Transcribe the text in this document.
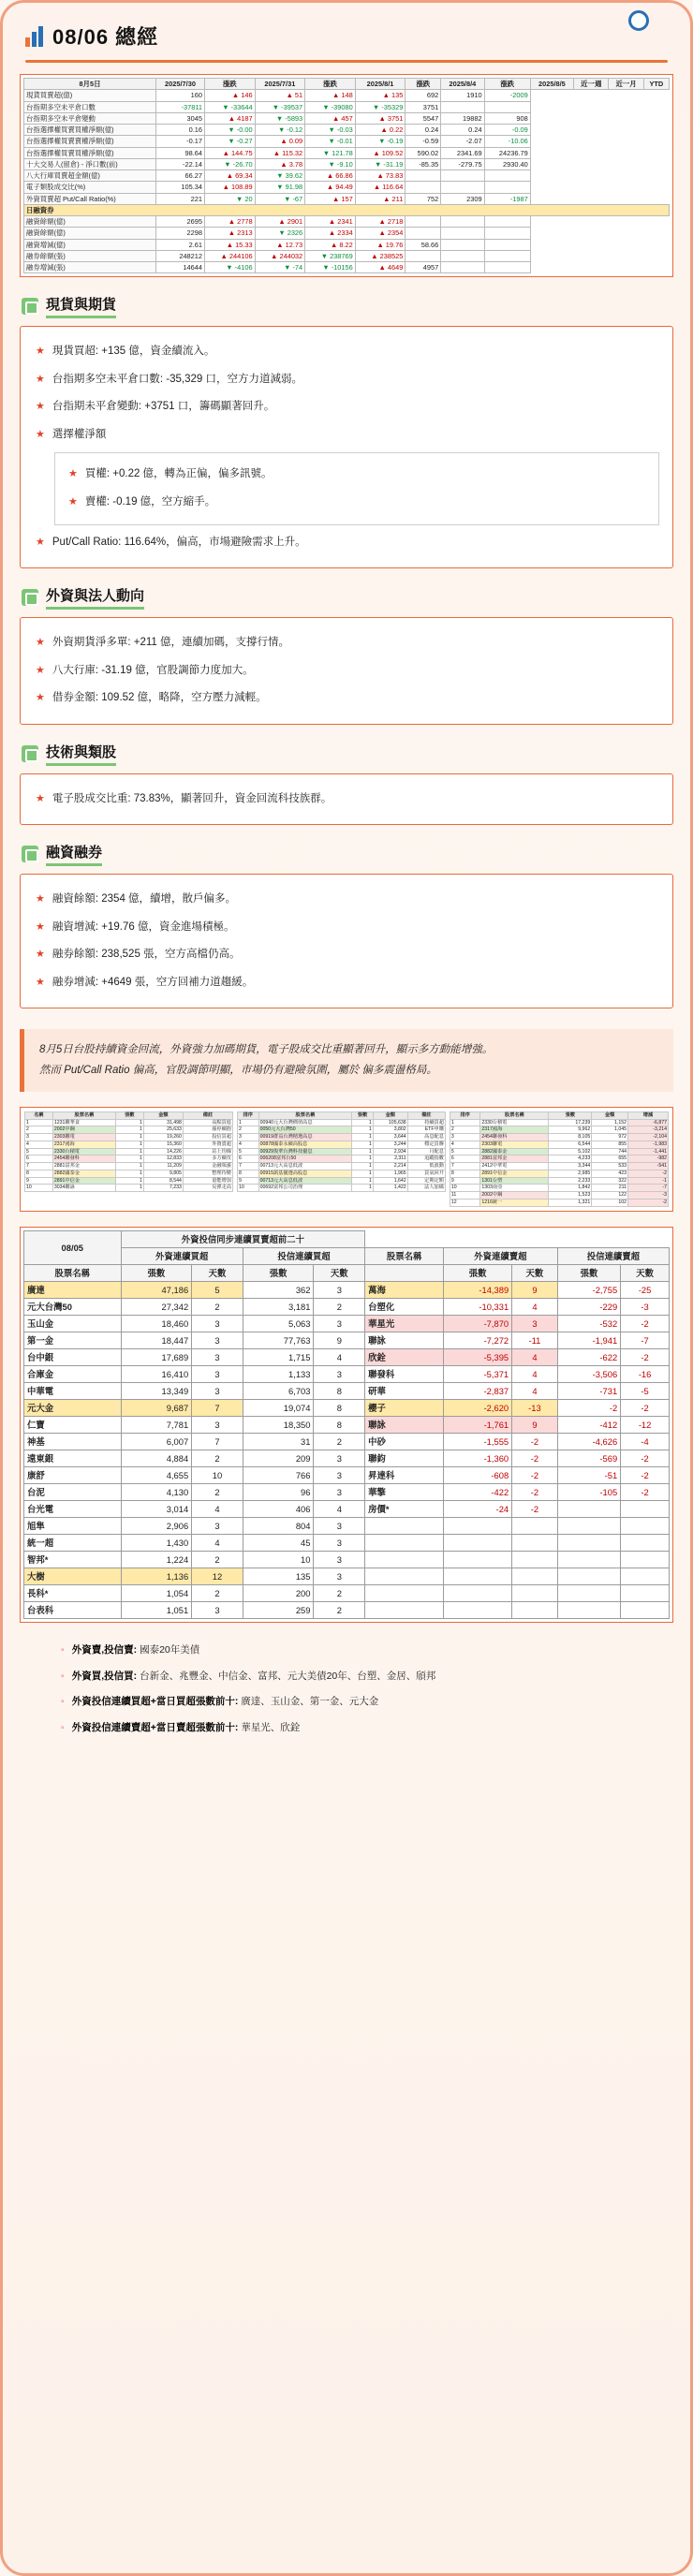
08/06 總經
8月5日	2025/7/30	漲跌	2025/7/31	漲跌	2025/8/1	漲跌	2025/8/4	漲跌	2025/8/5	近一週	近一月	YTD
現貨買賣超(億)	160	▲ 146	▲ 51	▲ 148	▲ 135	692	1910	-2009				
台指期多空未平倉口數	-37811	▼ -33644	▼ -39537	▼ -39080	▼ -35329	3751						
台指期多空未平倉變動	3045	▲ 4187	▼ -5893	▲ 457	▲ 3751	5547	19882	908				
台指選擇權買賣買權淨額(億)	0.16	▼ -0.00	▼ -0.12	▼ -0.03	▲ 0.22	0.24	0.24	-0.09				
台指選擇權買賣賣權淨額(億)	-0.17	▼ -0.27	▲ 0.09	▼ -0.01	▼ -0.19	-0.59	-2.07	-10.06				
台指選擇權買賣買權淨額(億)	98.64	▲ 144.75	▲ 115.32	▼ 121.78	▲ 109.52	590.02	2341.69	24236.79				
十大交易人(留倉) - 淨口數(前)	-22.14	▼ -26.70	▲ 3.78	▼ -9.10	▼ -31.19	-85.35	-279.75	2930.40				
八大行庫買賣超金額(億)	66.27	▲ 69.34	▼ 39.62	▲ 66.86	▲ 73.83							
電子類股成交比(%)	105.34	▲ 108.89	▼ 91.98	▲ 94.49	▲ 116.64							
外資買賣超 Put/Call Ratio(%)	221	▼ 20	▼ -67	▲ 157	▲ 211	752	2309	-1987				
日融資券												
融資餘額(億)	2695	▲ 2778	▲ 2901	▲ 2341	▲ 2718							
融資餘額(億)	2298	▲ 2313	▼ 2326	▲ 2334	▲ 2354							
融資增減(億)	2.61	▲ 15.33	▲ 12.73	▲ 8.22	▲ 19.76	58.66						
融券餘額(張)	248212	▲ 244106	▲ 244032	▼ 238769	▲ 238525							
融券增減(張)	14644	▼ -4106	▼ -74	▼ -10156	▲ 4649	4957						
現貨與期貨
★ 現貨買超: +135 億，資金續流入。
★ 台指期多空未平倉口數: -35,329 口，空方力道減弱。
★ 台指期未平倉變動: +3751 口，籌碼顯著回升。
★ 選擇權淨額
★ 買權: +0.22 億，轉為正偏，偏多訊號。
★ 賣權: -0.19 億，空方縮手。
★ Put/Call Ratio: 116.64%，偏高，市場避險需求上升。
外資與法人動向
★ 外資期貨淨多單: +211 億，連續加碼，支撐行情。
★ 八大行庫: -31.19 億，官股調節力度加大。
★ 借券金額: 109.52 億，略降，空方壓力減輕。
技術與類股
★ 電子股成交比重: 73.83%，顯著回升，資金回流科技族群。
融資融券
★ 融資餘額: 2354 億，續增，散戶偏多。
★ 融資增減: +19.76 億，資金進場積極。
★ 融券餘額: 238,525 張，空方高檔仍高。
★ 融券增減: +4649 張，空方回補力道趨緩。
8月5日台股持續資金回流，外資強力加碼期貨，電子股成交比重顯著回升，顯示多方動能增強。
然而 Put/Call Ratio 偏高，官股調節明顯，市場仍有避險氛圍，屬於 偏多震盪格局。
名稱	股票名稱	張數	金額	備註
1	1231聯華食	1	31,498	高點買進
2	2002中鋼	1	25,633	漲停續抱
3	2303聯電	1	19,260	投信買超
4	2317鴻海	1	15,360	外資賣超
5	2330台積電	1	14,226	站上均線
6	2454聯發科	1	12,833	多方續攻
7	2881富邦金	1	11,209	金融領漲
8	2882國泰金	1	9,805	整理待變
9	2891中信金	1	8,544	量能增加
10	3034聯詠	1	7,233	反彈走高
排序	股票名稱	張數	金額	備註
1	00940元大台灣價值高息	1	105,638	持續買超
2	0050元大台灣50	1	3,802	ETF申購
3	00919群益台灣精選高息	1	3,644	高息配息
4	00878國泰永續高股息	1	3,244	穩定買盤
5	00929復華台灣科技優息	1	2,934	月配息
6	006208富邦台50	1	2,311	追蹤指數
7	00713元大高息低波	1	2,214	低波動
8	00915凱基優選高股息	1	1,965	買氣回升
9	00713元大高息低波	1	1,642	定期定額
10	00692富邦公司治理	1	1,422	法人加碼
排序	股票名稱	張數	金額	增減
1	2330台積電	17,239	1,152	-6,877
2	2317鴻海	9,962	1,045	-3,214
3	2454聯發科	8,105	972	-2,104
4	2303聯電	6,544	855	-1,983
5	2882國泰金	5,102	744	-1,441
6	2881富邦金	4,233	655	-982
7	2412中華電	3,344	533	-541
8	2891中信金	2,985	423	-2
9	1301台塑	2,233	322	-1
10	1303南亞	1,842	211	-7
11	2002中鋼	1,523	122	-3
12	1216統一	1,321	102	-2
08/05	外資投信同步連續買賣超前二十								
	外資連續買超		投信連續買超		股票名稱	外資連續賣超		投信連續賣超	
股票名稱	張數	天數	張數	天數		張數	天數	張數	天數
廣達	47,186	5	362	3	萬海	-14,389	9	-2,755	-25
元大台灣50	27,342	2	3,181	2	台塑化	-10,331	4	-229	-3
玉山金	18,460	3	5,063	3	華星光	-7,870	3	-532	-2
第一金	18,447	3	77,763	9	聯詠	-7,272	-11	-1,941	-7
台中銀	17,689	3	1,715	4	欣銓	-5,395	4	-622	-2
合庫金	16,410	3	1,133	3	聯發科	-5,371	4	-3,506	-16
中華電	13,349	3	6,703	8	研華	-2,837	4	-731	-5
元大金	9,687	7	19,074	8	櫻子	-2,620	-13	-2	-2
仁寶	7,781	3	18,350	8	聯詠	-1,761	9	-412	-12
神基	6,007	7	31	2	中砂	-1,555	-2	-4,626	-4
遠東銀	4,884	2	209	3	聯鈞	-1,360	-2	-569	-2
康舒	4,655	10	766	3	昇達科	-608	-2	-51	-2
台泥	4,130	2	96	3	華擎	-422	-2	-105	-2
台光電	3,014	4	406	4	房價*	-24	-2		
旭隼	2,906	3	804	3					
統一超	1,430	4	45	3					
智邦*	1,224	2	10	3					
大樹	1,136	12	135	3					
長科*	1,054	2	200	2					
台表科	1,051	3	259	2					
◦ 外資賣,投信賣: 國泰20年美債
◦ 外資買,投信買: 台新金、兆豐金、中信金、富邦、元大美債20年、台塑、金居、頎邦
◦ 外資投信連續買超+當日買超張數前十: 廣達、玉山金、第一金、元大金
◦ 外資投信連續賣超+當日賣超張數前十: 華星光、欣銓
